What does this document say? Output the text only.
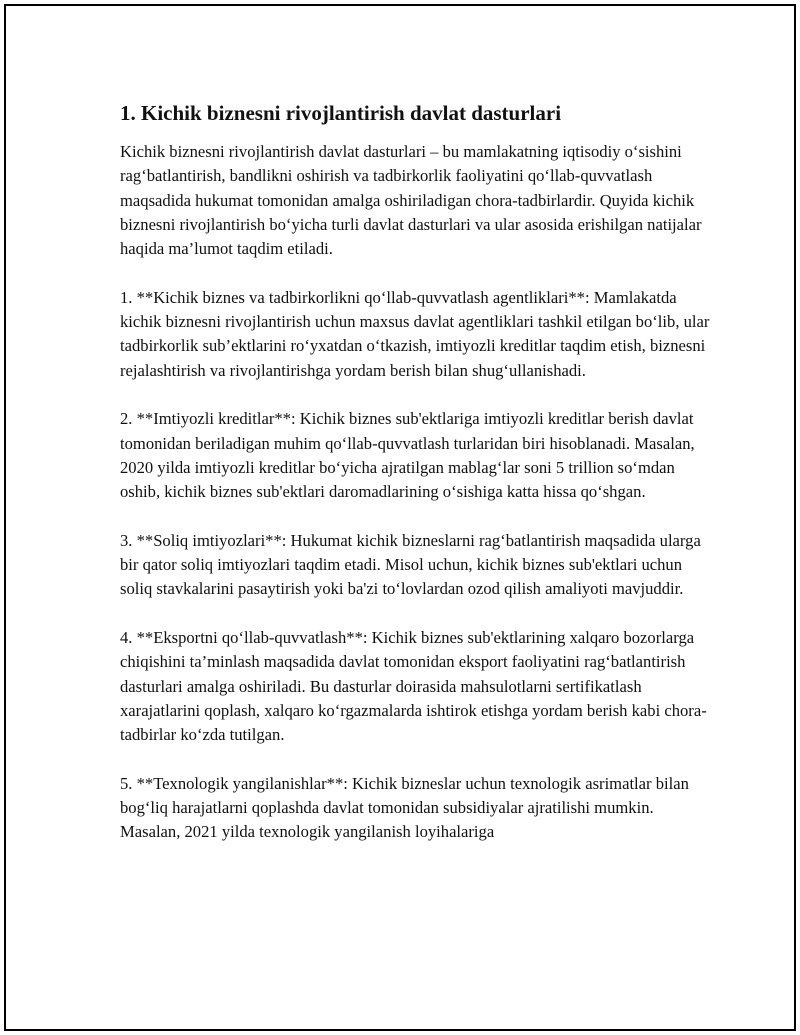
1. Kichik biznesni rivojlantirish davlat dasturlari

Kichik biznesni rivojlantirish davlat dasturlari – bu mamlakatning iqtisodiy o‘sishini rag‘batlantirish, bandlikni oshirish va tadbirkorlik faoliyatini qo‘llab-quvvatlash maqsadida hukumat tomonidan amalga oshiriladigan chora-tadbirlardir. Quyida kichik biznesni rivojlantirish bo‘yicha turli davlat dasturlari va ular asosida erishilgan natijalar haqida ma’lumot taqdim etiladi.

1. **Kichik biznes va tadbirkorlikni qo‘llab-quvvatlash agentliklari**: Mamlakatda kichik biznesni rivojlantirish uchun maxsus davlat agentliklari tashkil etilgan bo‘lib, ular tadbirkorlik sub’ektlarini ro‘yxatdan o‘tkazish, imtiyozli kreditlar taqdim etish, biznesni rejalashtirish va rivojlantirishga yordam berish bilan shug‘ullanishadi.

2. **Imtiyozli kreditlar**: Kichik biznes sub'ektlariga imtiyozli kreditlar berish davlat tomonidan beriladigan muhim qo‘llab-quvvatlash turlaridan biri hisoblanadi. Masalan, 2020 yilda imtiyozli kreditlar bo‘yicha ajratilgan mablag‘lar soni 5 trillion so‘mdan oshib, kichik biznes sub'ektlari daromadlarining o‘sishiga katta hissa qo‘shgan.

3. **Soliq imtiyozlari**: Hukumat kichik bizneslarni rag‘batlantirish maqsadida ularga bir qator soliq imtiyozlari taqdim etadi. Misol uchun, kichik biznes sub'ektlari uchun soliq stavkalarini pasaytirish yoki ba'zi to‘lovlardan ozod qilish amaliyoti mavjuddir.

4. **Eksportni qo‘llab-quvvatlash**: Kichik biznes sub'ektlarining xalqaro bozorlarga chiqishini ta’minlash maqsadida davlat tomonidan eksport faoliyatini rag‘batlantirish dasturlari amalga oshiriladi. Bu dasturlar doirasida mahsulotlarni sertifikatlash xarajatlarini qoplash, xalqaro ko‘rgazmalarda ishtirok etishga yordam berish kabi chora-tadbirlar ko‘zda tutilgan.

5. **Texnologik yangilanishlar**: Kichik bizneslar uchun texnologik asrimatlar bilan bog‘liq harajatlarni qoplashda davlat tomonidan subsidiyalar ajratilishi mumkin. Masalan, 2021 yilda texnologik yangilanish loyihalariga
